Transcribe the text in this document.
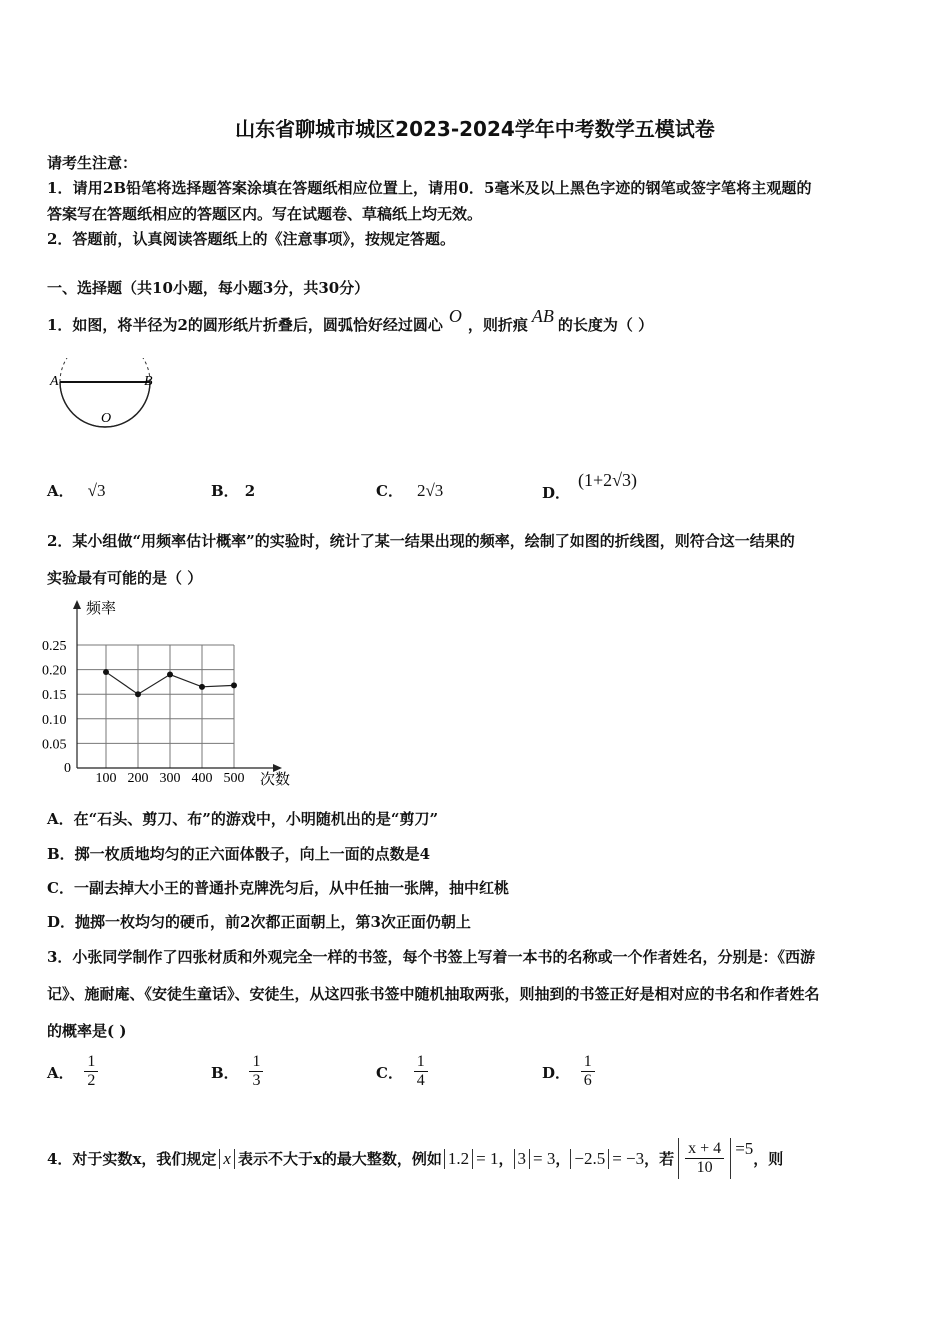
山东省聊城市城区2023-2024学年中考数学五模试卷
请考生注意：
1．请用2B铅笔将选择题答案涂填在答题纸相应位置上，请用0．5毫米及以上黑色字迹的钢笔或签字笔将主观题的
答案写在答题纸相应的答题区内。写在试题卷、草稿纸上均无效。
2．答题前，认真阅读答题纸上的《注意事项》，按规定答题。
一、选择题（共10小题，每小题3分，共30分）
1．如图，将半径为2的圆形纸片折叠后，圆弧恰好经过圆心 O ，则折痕 AB 的长度为（ ）
A	B
O
A． √3	B． 2	C． 2√3	D．(1+2√3)
2．某小组做“用频率估计概率”的实验时，统计了某一结果出现的频率，绘制了如图的折线图，则符合这一结果的
实验最有可能的是（ ）
频率
次数
0
0.25
0.20
0.15
0.10
0.05
100 200 300 400 500
A．在“石头、剪刀、布”的游戏中，小明随机出的是“剪刀”
B．掷一枚质地均匀的正六面体骰子，向上一面的点数是4
C．一副去掉大小王的普通扑克牌洗匀后，从中任抽一张牌，抽中红桃
D．抛掷一枚均匀的硬币，前2次都正面朝上，第3次正面仍朝上
3．小张同学制作了四张材质和外观完全一样的书签，每个书签上写着一本书的名称或一个作者姓名，分别是：《西游
记》、施耐庵、《安徒生童话》、安徒生，从这四张书签中随机抽取两张，则抽到的书签正好是相对应的书名和作者姓名
的概率是( )
A． $\frac{1}{2}$	B． $\frac{1}{3}$	C． $\frac{1}{4}$	D． $\frac{1}{6}$
4．对于实数x，我们规定 x 表示不大于x的最大整数，例如 1.2 = 1 ， 3 = 3 ， −2.5 = −3 ，若 $\frac{x + 4}{10} =5$
，则
